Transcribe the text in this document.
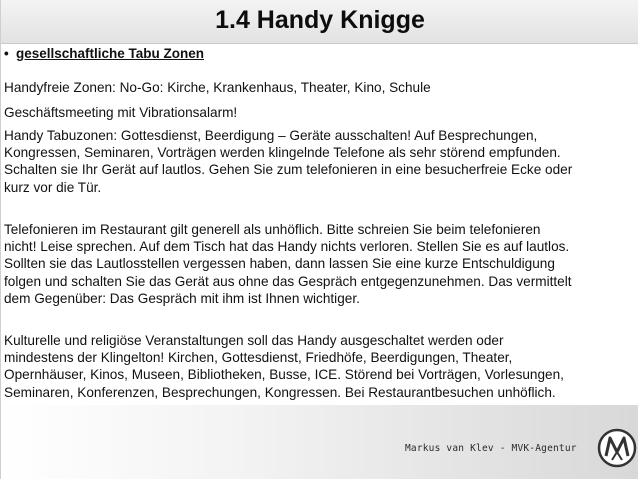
1.4 Handy Knigge
• gesellschaftliche Tabu Zonen

Handyfreie Zonen: No-Go: Kirche, Krankenhaus, Theater, Kino, Schule

Geschäftsmeeting mit Vibrationsalarm!

Handy Tabuzonen: Gottesdienst, Beerdigung – Geräte ausschalten! Auf Besprechungen,
Kongressen, Seminaren, Vorträgen werden klingelnde Telefone als sehr störend empfunden.
Schalten sie Ihr Gerät auf lautlos. Gehen Sie zum telefonieren in eine besucherfreie Ecke oder
kurz vor die Tür.

Telefonieren im Restaurant gilt generell als unhöflich. Bitte schreien Sie beim telefonieren
nicht! Leise sprechen. Auf dem Tisch hat das Handy nichts verloren. Stellen Sie es auf lautlos.
Sollten sie das Lautlosstellen vergessen haben, dann lassen Sie eine kurze Entschuldigung
folgen und schalten Sie das Gerät aus ohne das Gespräch entgegenzunehmen. Das vermittelt
dem Gegenüber: Das Gespräch mit ihm ist Ihnen wichtiger.

Kulturelle und religiöse Veranstaltungen soll das Handy ausgeschaltet werden oder
mindestens der Klingelton! Kirchen, Gottesdienst, Friedhöfe, Beerdigungen, Theater,
Opernhäuser, Kinos, Museen, Bibliotheken, Busse, ICE. Störend bei Vorträgen, Vorlesungen,
Seminaren, Konferenzen, Besprechungen, Kongressen. Bei Restaurantbesuchen unhöflich.

Markus van Klev - MVK-Agentur
